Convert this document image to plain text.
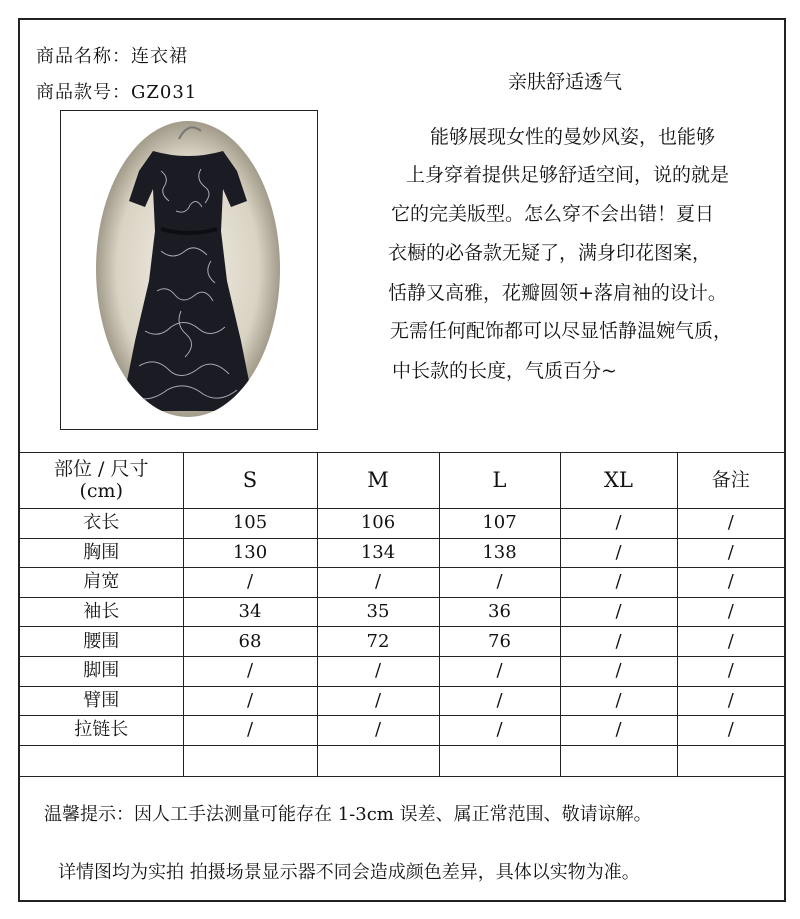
商品名称：连衣裙
商品款号：GZ031	亲肤舒适透气
能够展现女性的曼妙风姿，也能够
上身穿着提供足够舒适空间，说的就是
它的完美版型。怎么穿不会出错！夏日
衣橱的必备款无疑了，满身印花图案，
恬静又高雅，花瓣圆领+落肩袖的设计。
无需任何配饰都可以尽显恬静温婉气质，
中长款的长度，气质百分~
部位 / 尺寸
(cm)	S	M	L	XL	备注
衣长	105	106	107	/	/
胸围	130	134	138	/	/
肩宽	/	/	/	/	/
袖长	34	35	36	/	/
腰围	68	72	76	/	/
脚围	/	/	/	/	/
臂围	/	/	/	/	/
拉链长	/	/	/	/	/

温馨提示：因人工手法测量可能存在 1-3cm 误差、属正常范围、敬请谅解。
详情图均为实拍 拍摄场景显示器不同会造成颜色差异，具体以实物为准。
